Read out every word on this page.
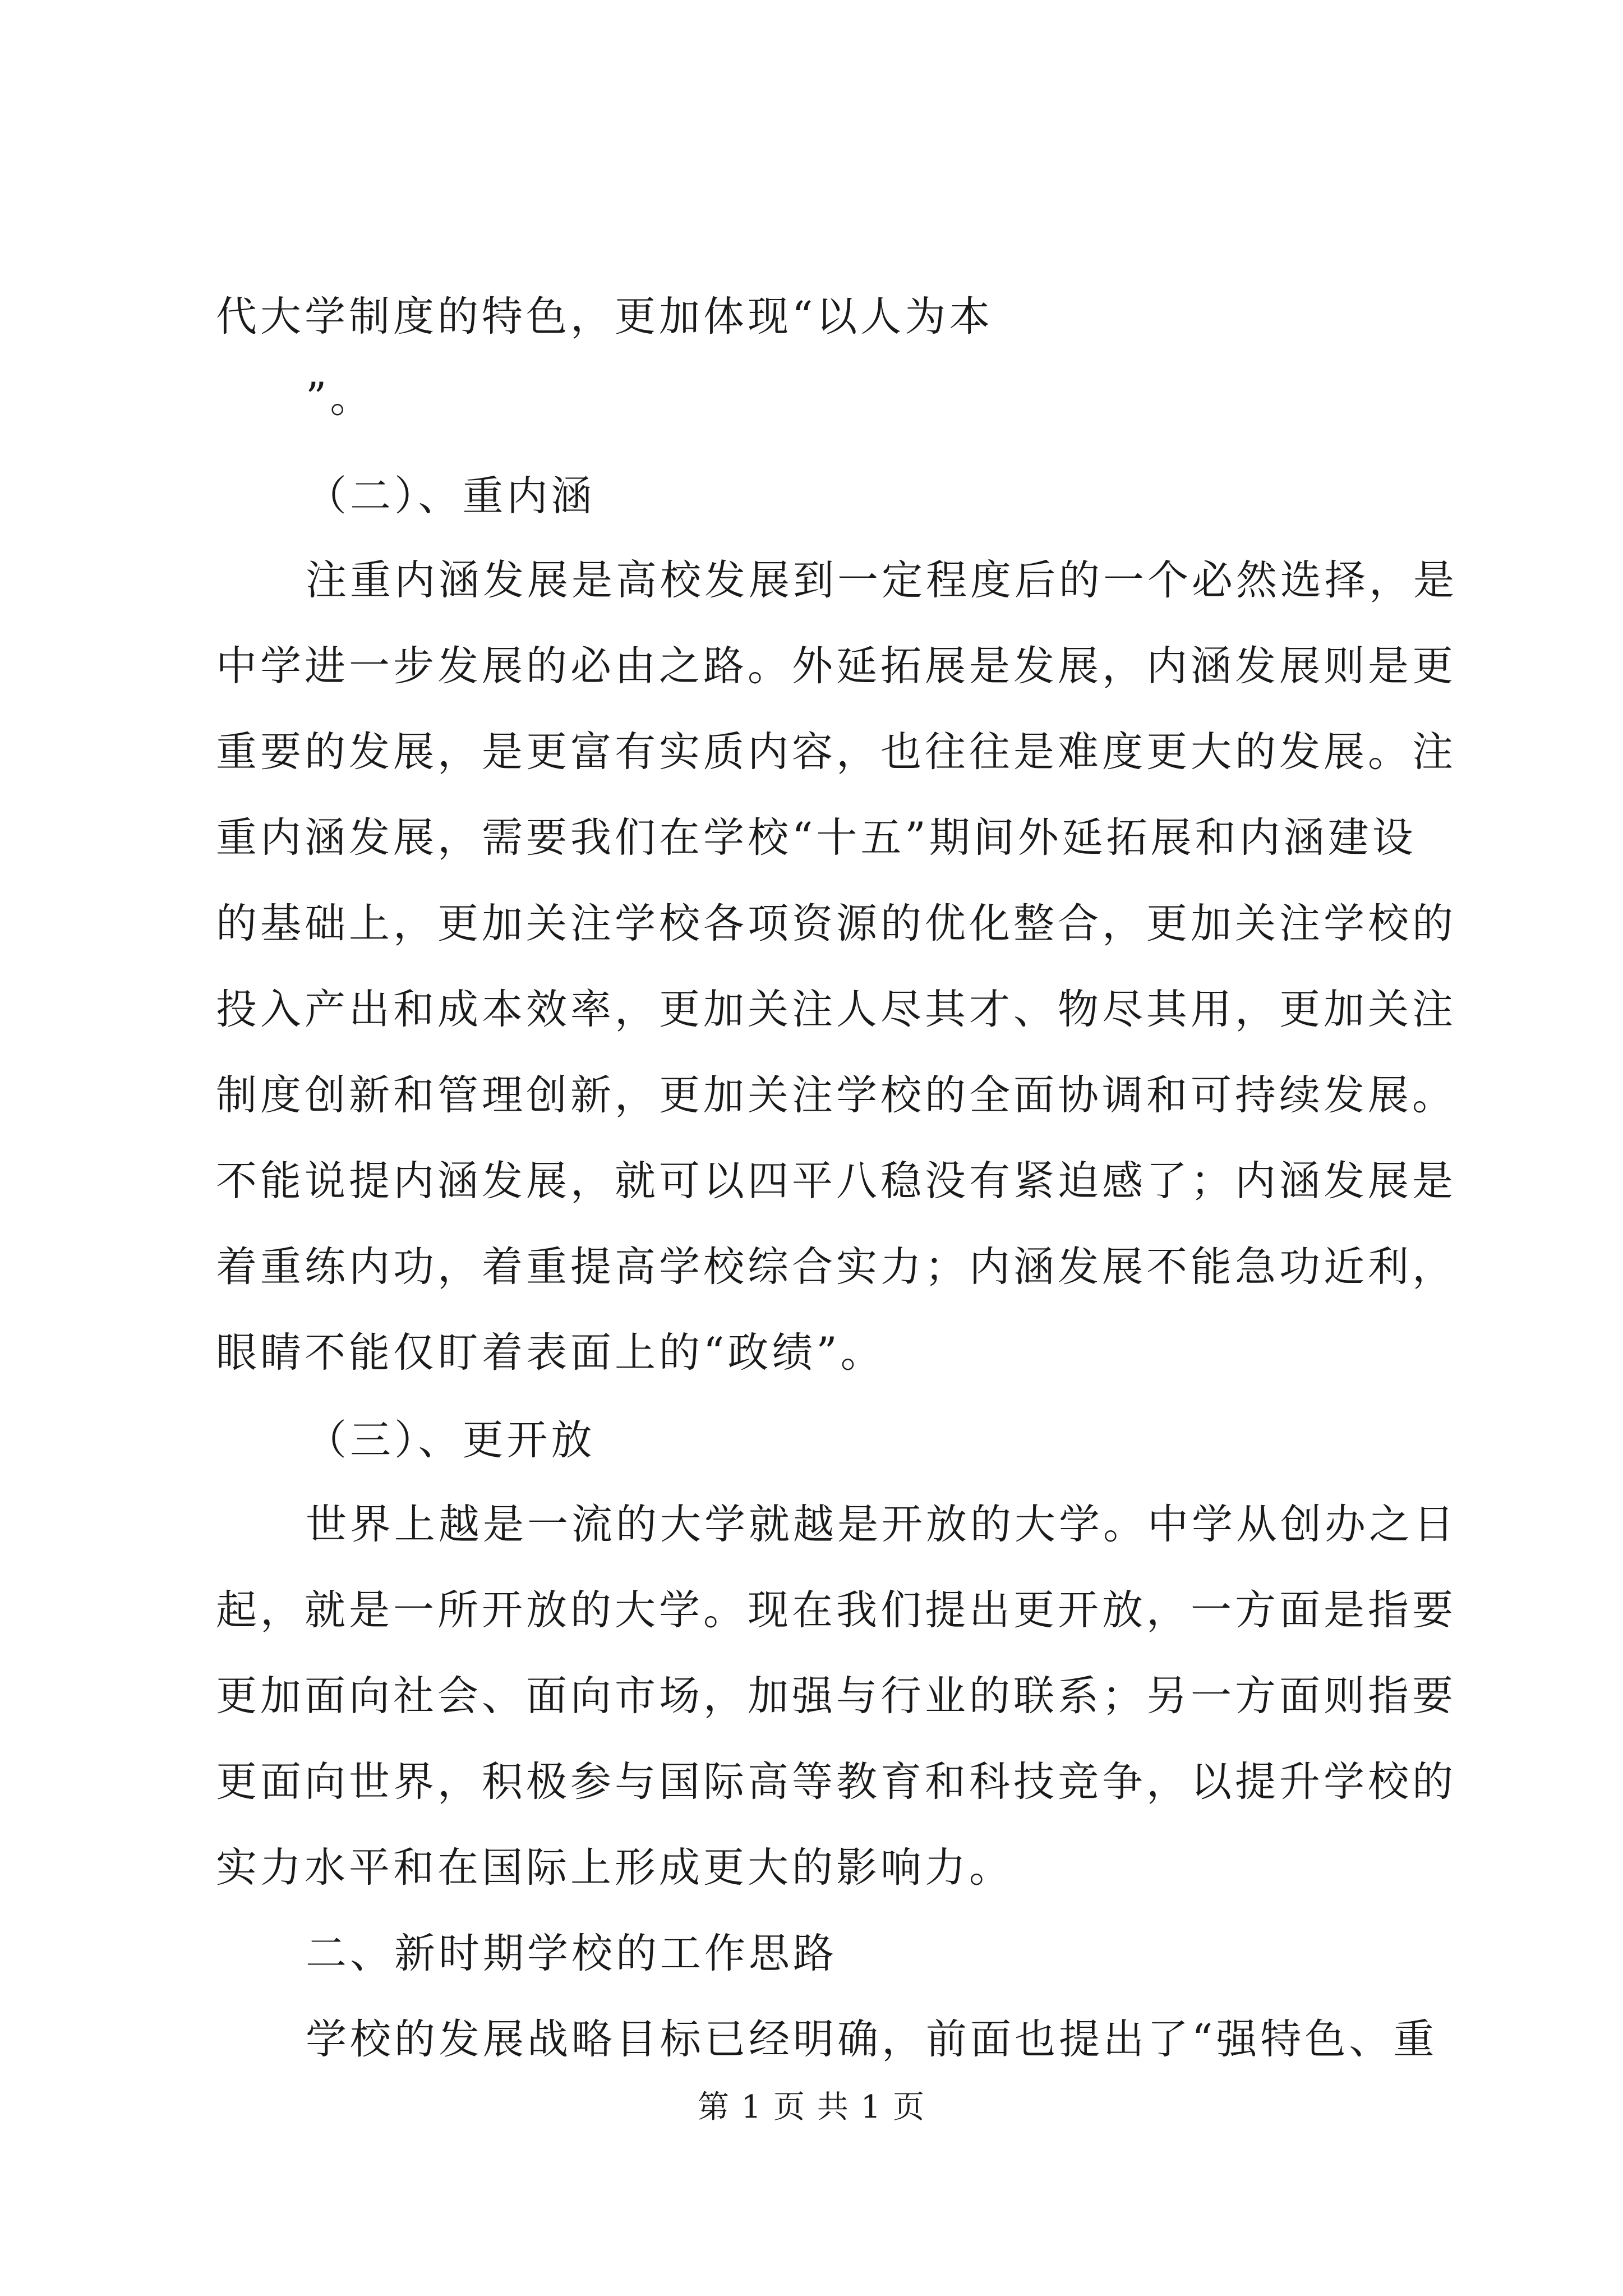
代大学制度的特色，更加体现“以人为本
”。
（二）、重内涵
注重内涵发展是高校发展到一定程度后的一个必然选择，是
中学进一步发展的必由之路。外延拓展是发展，内涵发展则是更
重要的发展，是更富有实质内容，也往往是难度更大的发展。注
重内涵发展，需要我们在学校“十五”期间外延拓展和内涵建设
的基础上，更加关注学校各项资源的优化整合，更加关注学校的
投入产出和成本效率，更加关注人尽其才、物尽其用，更加关注
制度创新和管理创新，更加关注学校的全面协调和可持续发展。
不能说提内涵发展，就可以四平八稳没有紧迫感了；内涵发展是
着重练内功，着重提高学校综合实力；内涵发展不能急功近利，
眼睛不能仅盯着表面上的“政绩”。
（三）、更开放
世界上越是一流的大学就越是开放的大学。中学从创办之日
起，就是一所开放的大学。现在我们提出更开放，一方面是指要
更加面向社会、面向市场，加强与行业的联系；另一方面则指要
更面向世界，积极参与国际高等教育和科技竞争，以提升学校的
实力水平和在国际上形成更大的影响力。
二、新时期学校的工作思路
学校的发展战略目标已经明确，前面也提出了“强特色、重
第 1 页 共 1 页
